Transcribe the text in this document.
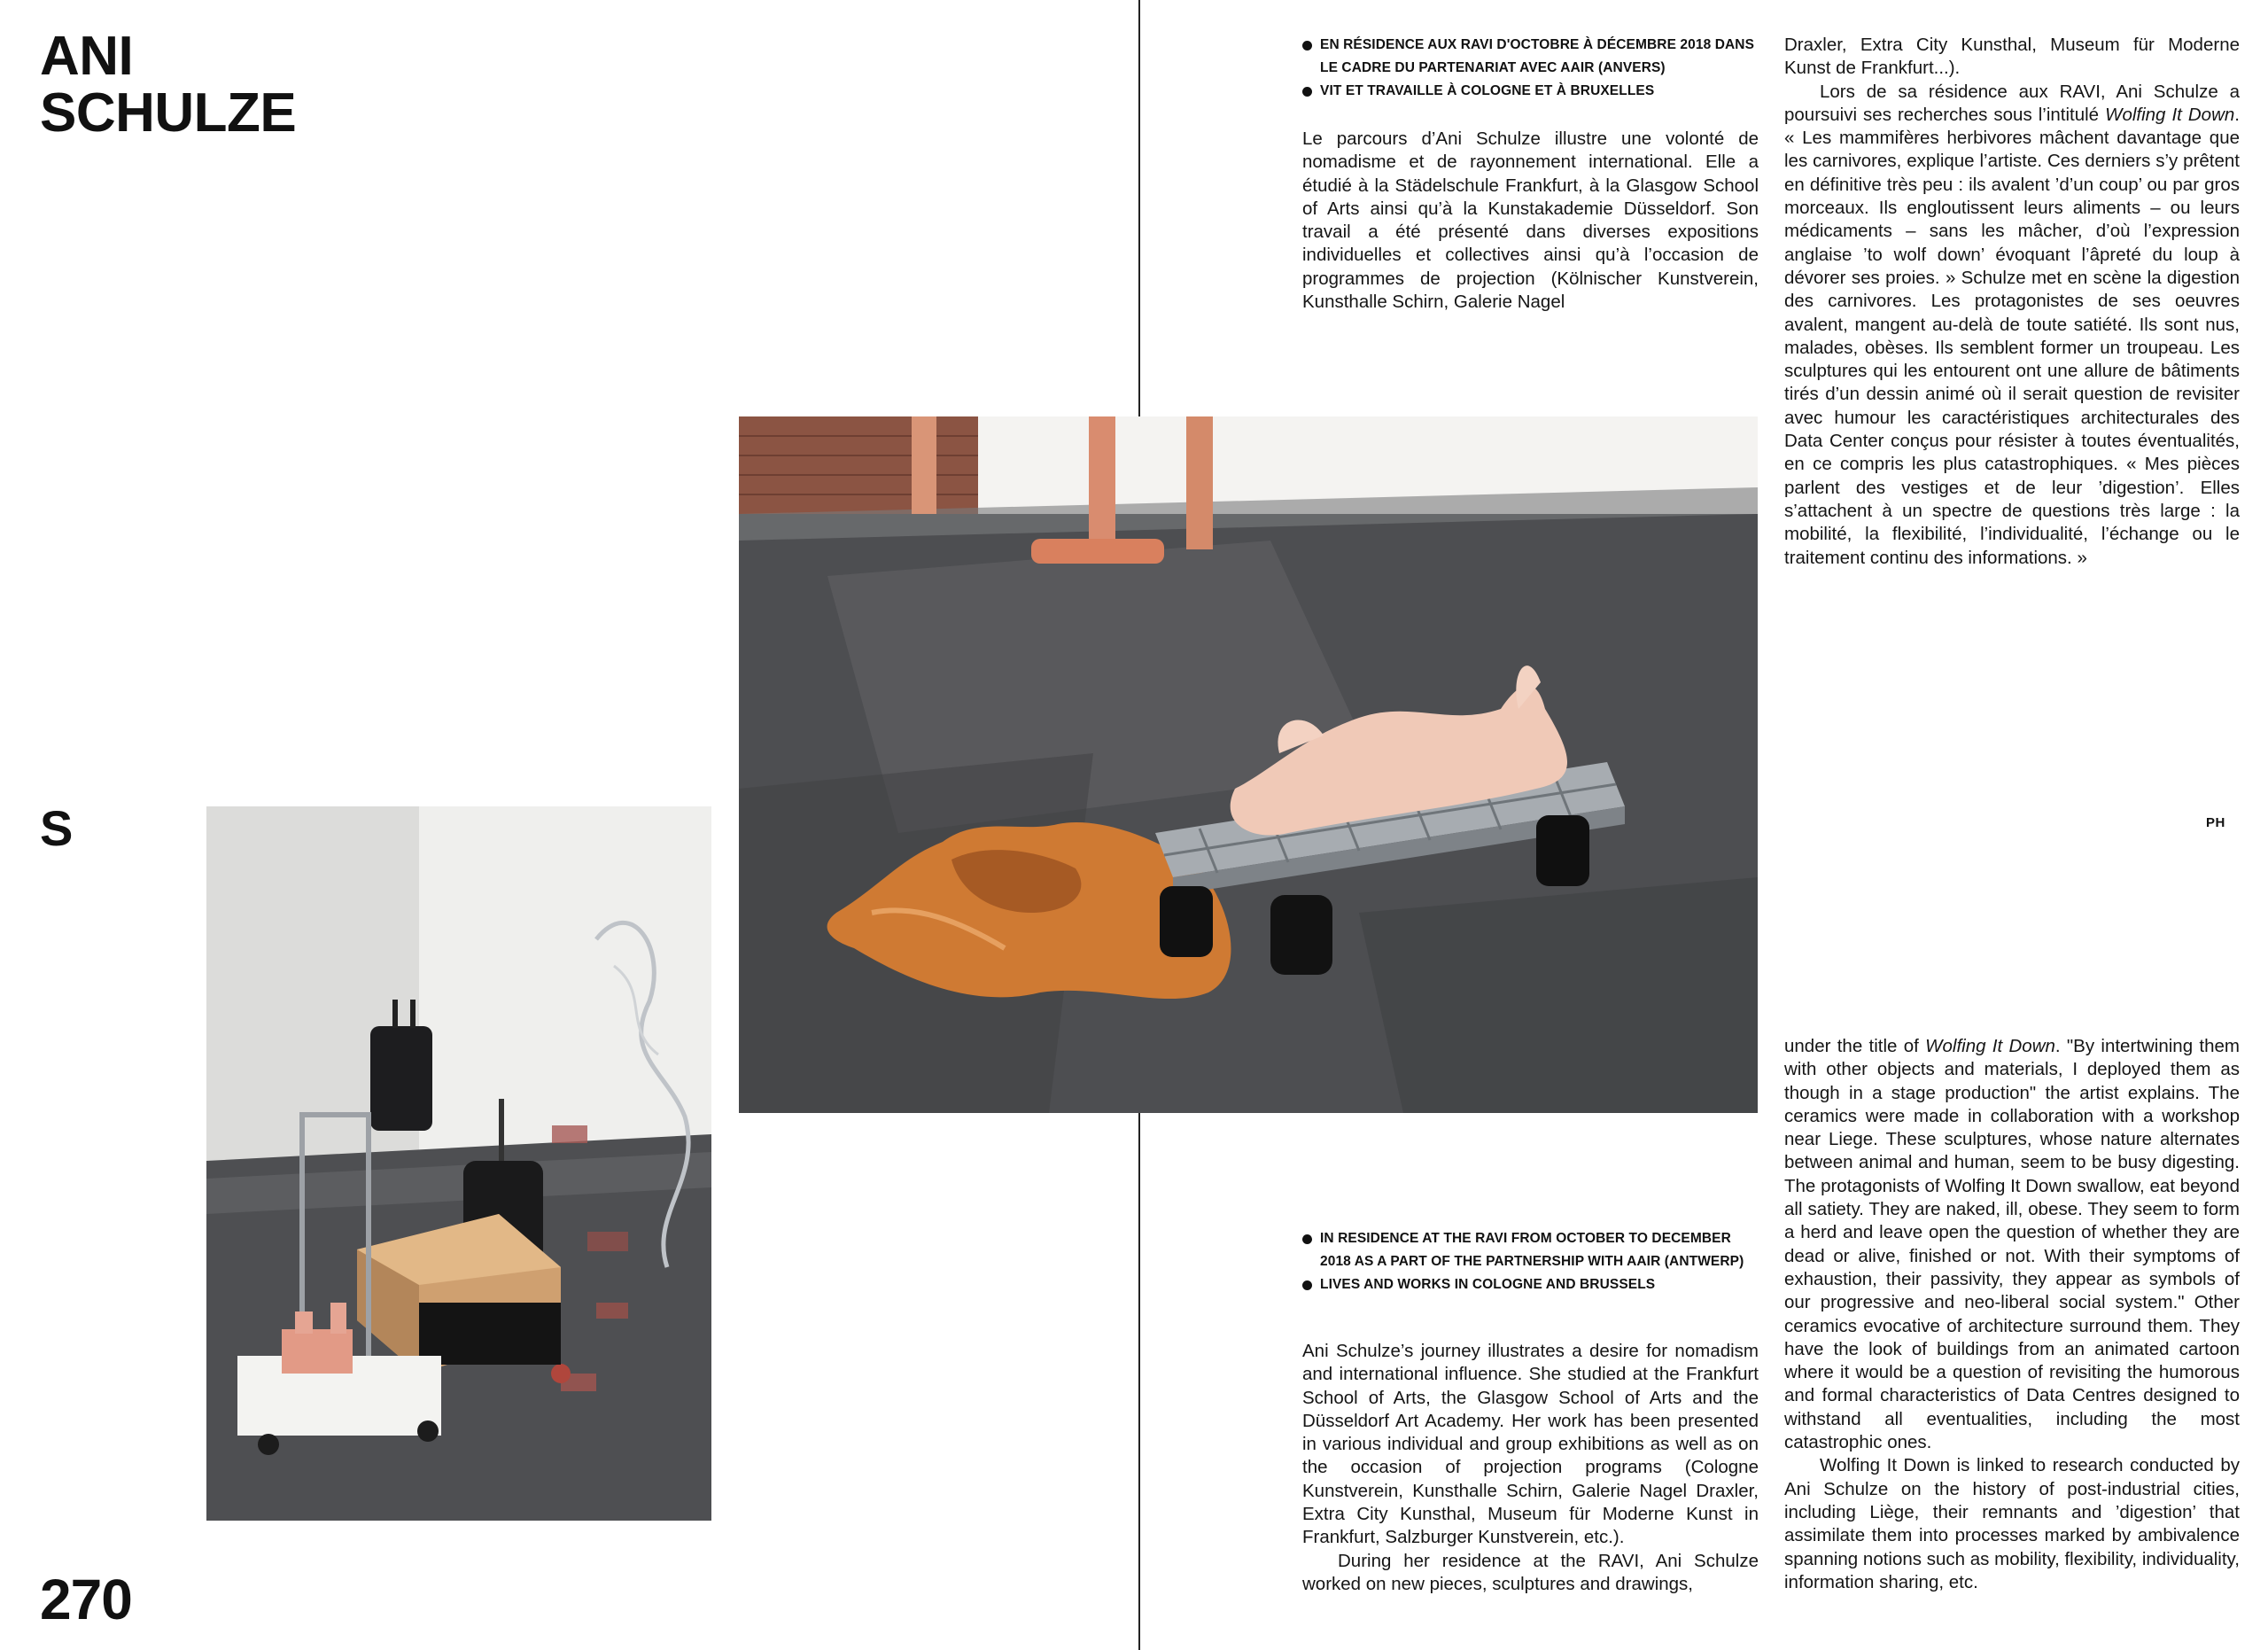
ANI
SCHULZE
S
270
PH
EN RÉSIDENCE AUX RAVI D'OCTOBRE À DÉCEMBRE 2018 DANS LE CADRE DU PARTENARIAT AVEC AAIR (ANVERS)
VIT ET TRAVAILLE À COLOGNE ET À BRUXELLES

Le parcours d’Ani Schulze illustre une volonté de nomadisme et de rayonnement international. Elle a étudié à la Städelschule Frankfurt, à la Glasgow School of Arts ainsi qu’à la Kunstakademie Düsseldorf. Son travail a été présenté dans diverses expositions individuelles et collectives ainsi qu’à l’occasion de programmes de projection (Kölnischer Kunstverein, Kunsthalle Schirn, Galerie Nagel

Draxler, Extra City Kunsthal, Museum für Moderne Kunst de Frankfurt...).

Lors de sa résidence aux RAVI, Ani Schulze a poursuivi ses recherches sous l’intitulé Wolfing It Down. « Les mammifères herbivores mâchent davantage que les carnivores, explique l’artiste. Ces derniers s’y prêtent en définitive très peu : ils avalent ’d’un coup’ ou par gros morceaux. Ils engloutissent leurs aliments – ou leurs médicaments – sans les mâcher, d’où l’expression anglaise ’to wolf down’ évoquant l’âpreté du loup à dévorer ses proies. » Schulze met en scène la digestion des carnivores. Les protagonistes de ses oeuvres avalent, mangent au-delà de toute satiété. Ils sont nus, malades, obèses. Ils semblent former un troupeau. Les sculptures qui les entourent ont une allure de bâtiments tirés d’un dessin animé où il serait question de revisiter avec humour les caractéristiques architecturales des Data Center conçus pour résister à toutes éventualités, en ce compris les plus catastrophiques. « Mes pièces parlent des vestiges et de leur ’digestion’. Elles s’attachent à un spectre de questions très large : la mobilité, la flexibilité, l’individualité, l’échange ou le traitement continu des informations. »

IN RESIDENCE AT THE RAVI FROM OCTOBER TO DECEMBER 2018 AS A PART OF THE PARTNERSHIP WITH AAIR (ANTWERP)
LIVES AND WORKS IN COLOGNE AND BRUSSELS

Ani Schulze’s journey illustrates a desire for nomadism and international influence. She studied at the Frankfurt School of Arts, the Glasgow School of Arts and the Düsseldorf Art Academy. Her work has been presented in various individual and group exhibitions as well as on the occasion of projection programs (Cologne Kunstverein, Kunsthalle Schirn, Galerie Nagel Draxler, Extra City Kunsthal, Museum für Moderne Kunst in Frankfurt, Salzburger Kunstverein, etc.).

During her residence at the RAVI, Ani Schulze worked on new pieces, sculptures and drawings,

under the title of Wolfing It Down. "By intertwining them with other objects and materials, I deployed them as though in a stage production" the artist explains. The ceramics were made in collaboration with a workshop near Liege. These sculptures, whose nature alternates between animal and human, seem to be busy digesting. The protagonists of Wolfing It Down swallow, eat beyond all satiety. They are naked, ill, obese. They seem to form a herd and leave open the question of whether they are dead or alive, finished or not. With their symptoms of exhaustion, their passivity, they appear as symbols of our progressive and neo-liberal social system." Other ceramics evocative of architecture surround them. They have the look of buildings from an animated cartoon where it would be a question of revisiting the humorous and formal characteristics of Data Centres designed to withstand all eventualities, including the most catastrophic ones.

Wolfing It Down is linked to research conducted by Ani Schulze on the history of post-industrial cities, including Liège, their remnants and ’digestion’ that assimilate them into processes marked by ambivalence spanning notions such as mobility, flexibility, individuality, information sharing, etc.
